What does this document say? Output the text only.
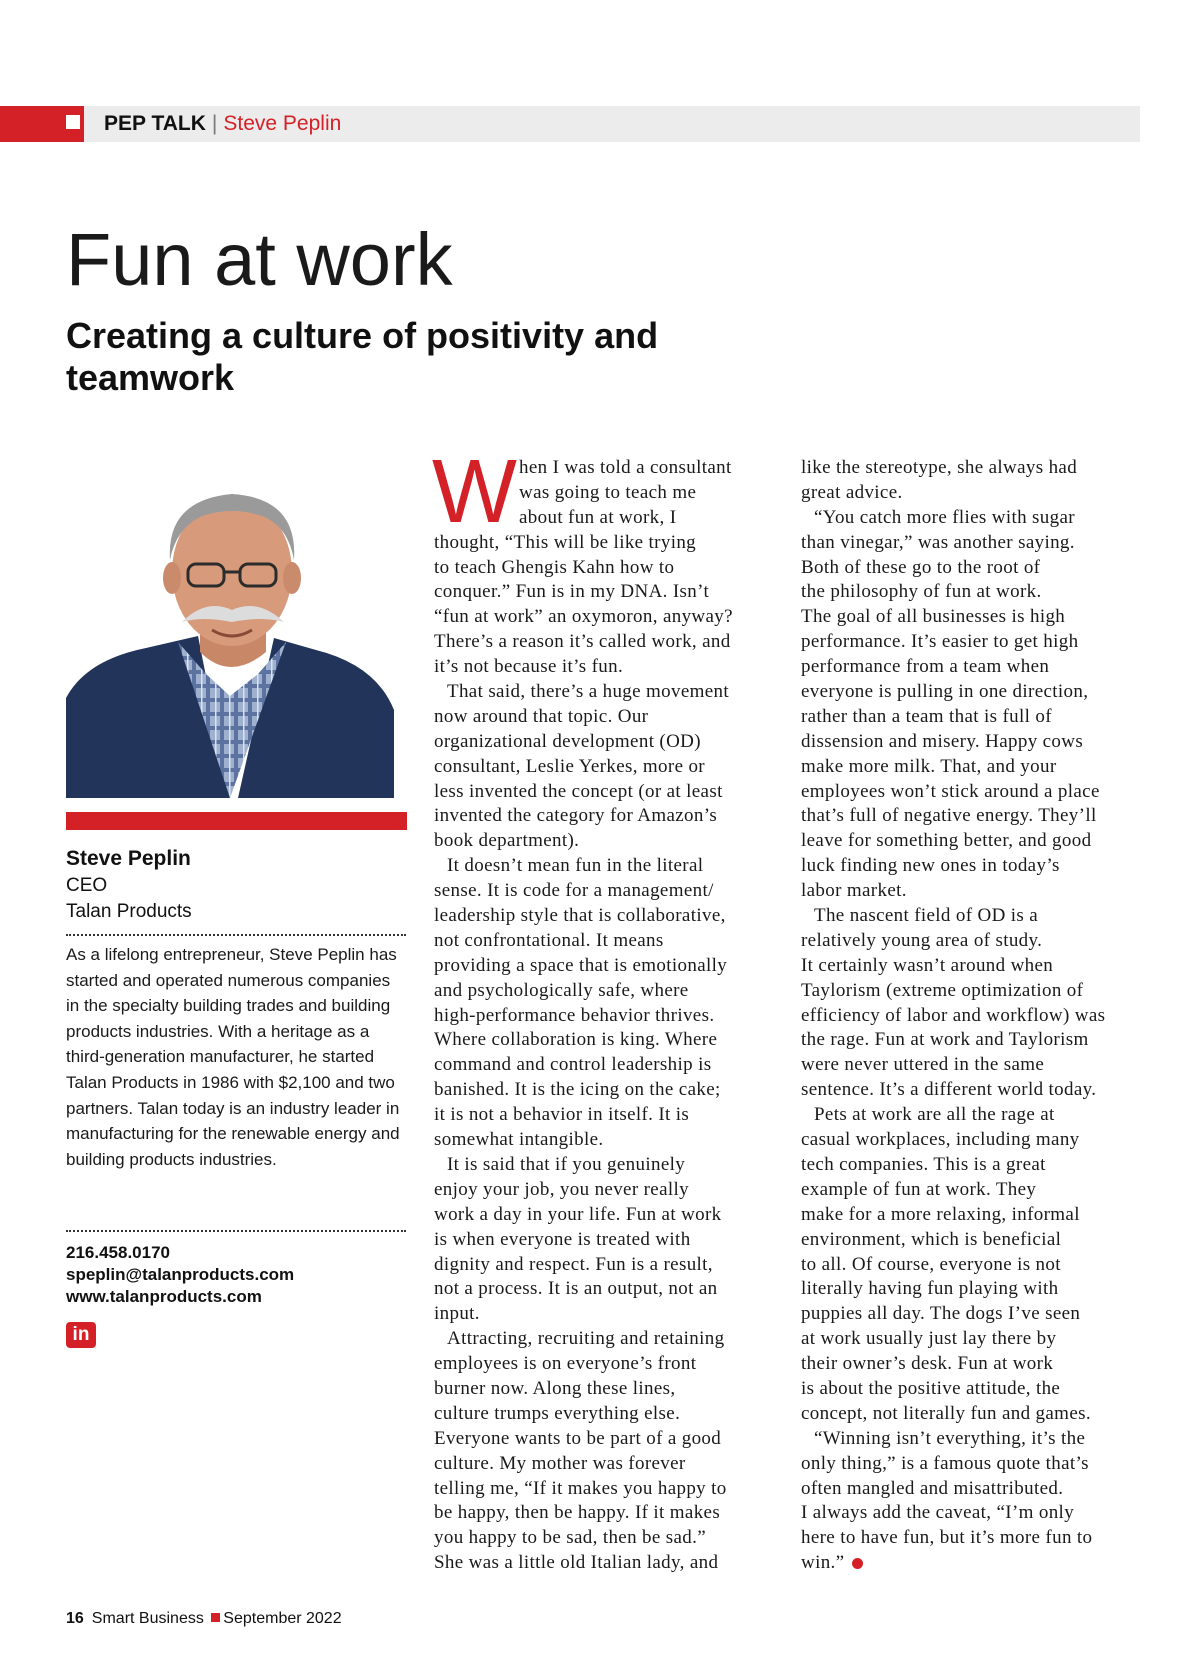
PEP TALK | Steve Peplin
Fun at work
Creating a culture of positivity and teamwork
Steve Peplin
CEO
Talan Products

As a lifelong entrepreneur, Steve Peplin has started and operated numerous companies in the specialty building trades and building products industries. With a heritage as a third-generation manufacturer, he started Talan Products in 1986 with $2,100 and two partners. Talan today is an industry leader in manufacturing for the renewable energy and building products industries.

216.458.0170
speplin@talanproducts.com
www.talanproducts.com
in
W hen I was told a consultant
was going to teach me
about fun at work, I
thought, “This will be like trying
to teach Ghengis Kahn how to
conquer.” Fun is in my DNA. Isn’t
“fun at work” an oxymoron, anyway?
There’s a reason it’s called work, and
it’s not because it’s fun.
That said, there’s a huge movement
now around that topic. Our
organizational development (OD)
consultant, Leslie Yerkes, more or
less invented the concept (or at least
invented the category for Amazon’s
book department).
It doesn’t mean fun in the literal
sense. It is code for a management/
leadership style that is collaborative,
not confrontational. It means
providing a space that is emotionally
and psychologically safe, where
high-performance behavior thrives.
Where collaboration is king. Where
command and control leadership is
banished. It is the icing on the cake;
it is not a behavior in itself. It is
somewhat intangible.
It is said that if you genuinely
enjoy your job, you never really
work a day in your life. Fun at work
is when everyone is treated with
dignity and respect. Fun is a result,
not a process. It is an output, not an
input.
Attracting, recruiting and retaining
employees is on everyone’s front
burner now. Along these lines,
culture trumps everything else.
Everyone wants to be part of a good
culture. My mother was forever
telling me, “If it makes you happy to
be happy, then be happy. If it makes
you happy to be sad, then be sad.”
She was a little old Italian lady, and
like the stereotype, she always had
great advice.
“You catch more flies with sugar
than vinegar,” was another saying.
Both of these go to the root of
the philosophy of fun at work.
The goal of all businesses is high
performance. It’s easier to get high
performance from a team when
everyone is pulling in one direction,
rather than a team that is full of
dissension and misery. Happy cows
make more milk. That, and your
employees won’t stick around a place
that’s full of negative energy. They’ll
leave for something better, and good
luck finding new ones in today’s
labor market.
The nascent field of OD is a
relatively young area of study.
It certainly wasn’t around when
Taylorism (extreme optimization of
efficiency of labor and workflow) was
the rage. Fun at work and Taylorism
were never uttered in the same
sentence. It’s a different world today.
Pets at work are all the rage at
casual workplaces, including many
tech companies. This is a great
example of fun at work. They
make for a more relaxing, informal
environment, which is beneficial
to all. Of course, everyone is not
literally having fun playing with
puppies all day. The dogs I’ve seen
at work usually just lay there by
their owner’s desk. Fun at work
is about the positive attitude, the
concept, not literally fun and games.
“Winning isn’t everything, it’s the
only thing,” is a famous quote that’s
often mangled and misattributed.
I always add the caveat, “I’m only
here to have fun, but it’s more fun to
win.”
16 Smart Business September 2022
